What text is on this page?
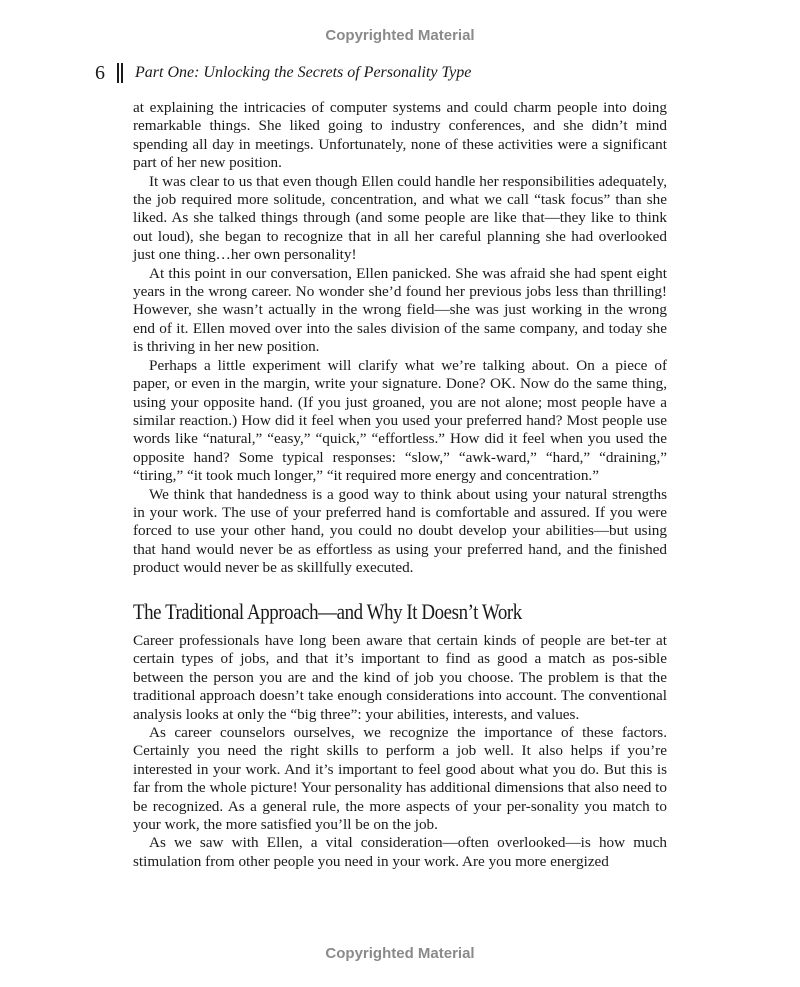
Copyrighted Material
6 Part One: Unlocking the Secrets of Personality Type

at explaining the intricacies of computer systems and could charm people into doing remarkable things. She liked going to industry conferences, and she didn’t mind spending all day in meetings. Unfortunately, none of these activities were a significant part of her new position.

It was clear to us that even though Ellen could handle her responsibilities adequately, the job required more solitude, concentration, and what we call “task focus” than she liked. As she talked things through (and some people are like that—they like to think out loud), she began to recognize that in all her careful planning she had overlooked just one thing…her own personality!

At this point in our conversation, Ellen panicked. She was afraid she had spent eight years in the wrong career. No wonder she’d found her previous jobs less than thrilling! However, she wasn’t actually in the wrong field—she was just working in the wrong end of it. Ellen moved over into the sales division of the same company, and today she is thriving in her new position.

Perhaps a little experiment will clarify what we’re talking about. On a piece of paper, or even in the margin, write your signature. Done? OK. Now do the same thing, using your opposite hand. (If you just groaned, you are not alone; most people have a similar reaction.) How did it feel when you used your preferred hand? Most people use words like “natural,” “easy,” “quick,” “effortless.” How did it feel when you used the opposite hand? Some typical responses: “slow,” “awk-ward,” “hard,” “draining,” “tiring,” “it took much longer,” “it required more energy and concentration.”

We think that handedness is a good way to think about using your natural strengths in your work. The use of your preferred hand is comfortable and assured. If you were forced to use your other hand, you could no doubt develop your abilities—but using that hand would never be as effortless as using your preferred hand, and the finished product would never be as skillfully executed.

The Traditional Approach—and Why It Doesn’t Work

Career professionals have long been aware that certain kinds of people are bet-ter at certain types of jobs, and that it’s important to find as good a match as pos-sible between the person you are and the kind of job you choose. The problem is that the traditional approach doesn’t take enough considerations into account. The conventional analysis looks at only the “big three”: your abilities, interests, and values.

As career counselors ourselves, we recognize the importance of these factors. Certainly you need the right skills to perform a job well. It also helps if you’re interested in your work. And it’s important to feel good about what you do. But this is far from the whole picture! Your personality has additional dimensions that also need to be recognized. As a general rule, the more aspects of your per-sonality you match to your work, the more satisfied you’ll be on the job.

As we saw with Ellen, a vital consideration—often overlooked—is how much stimulation from other people you need in your work. Are you more energized

Copyrighted Material
